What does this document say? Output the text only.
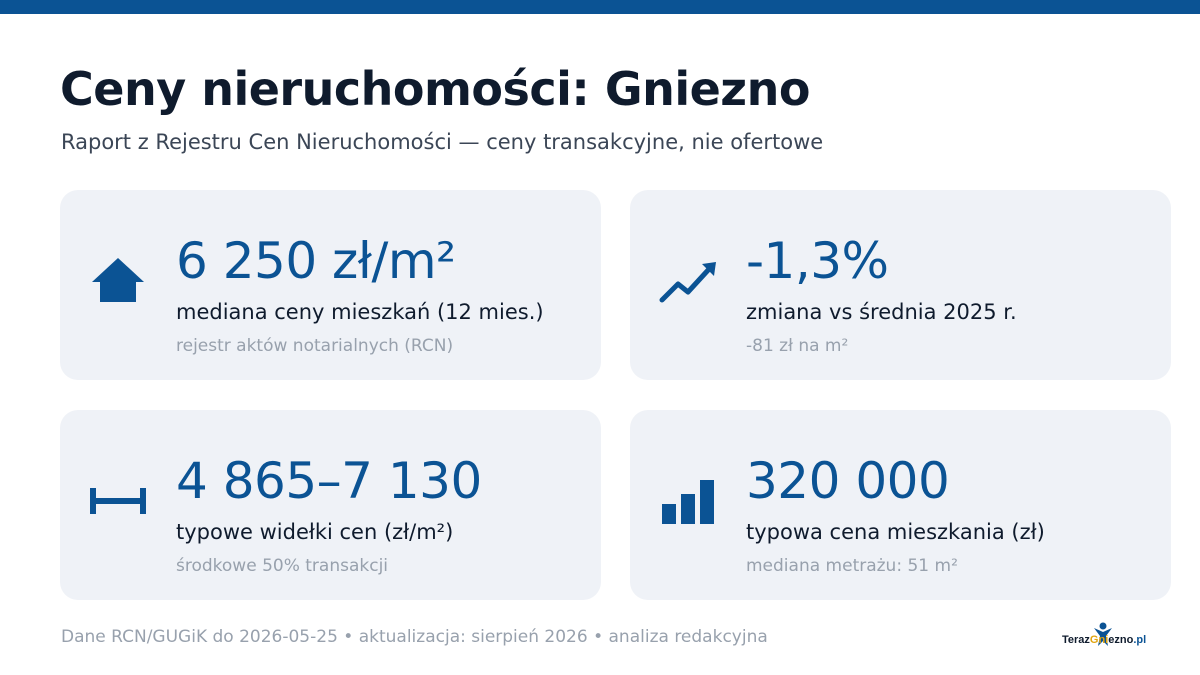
Ceny nieruchomości: Gniezno
Raport z Rejestru Cen Nieruchomości — ceny transakcyjne, nie ofertowe
6 250 zł/m²
mediana ceny mieszkań (12 mies.)
rejestr aktów notarialnych (RCN)
-1,3%
zmiana vs średnia 2025 r.
-81 zł na m²
4 865–7 130
typowe widełki cen (zł/m²)
środkowe 50% transakcji
320 000
typowa cena mieszkania (zł)
mediana metrażu: 51 m²
Dane RCN/GUGiK do 2026-05-25 • aktualizacja: sierpień 2026 • analiza redakcyjna	TerazGniezno.pl
